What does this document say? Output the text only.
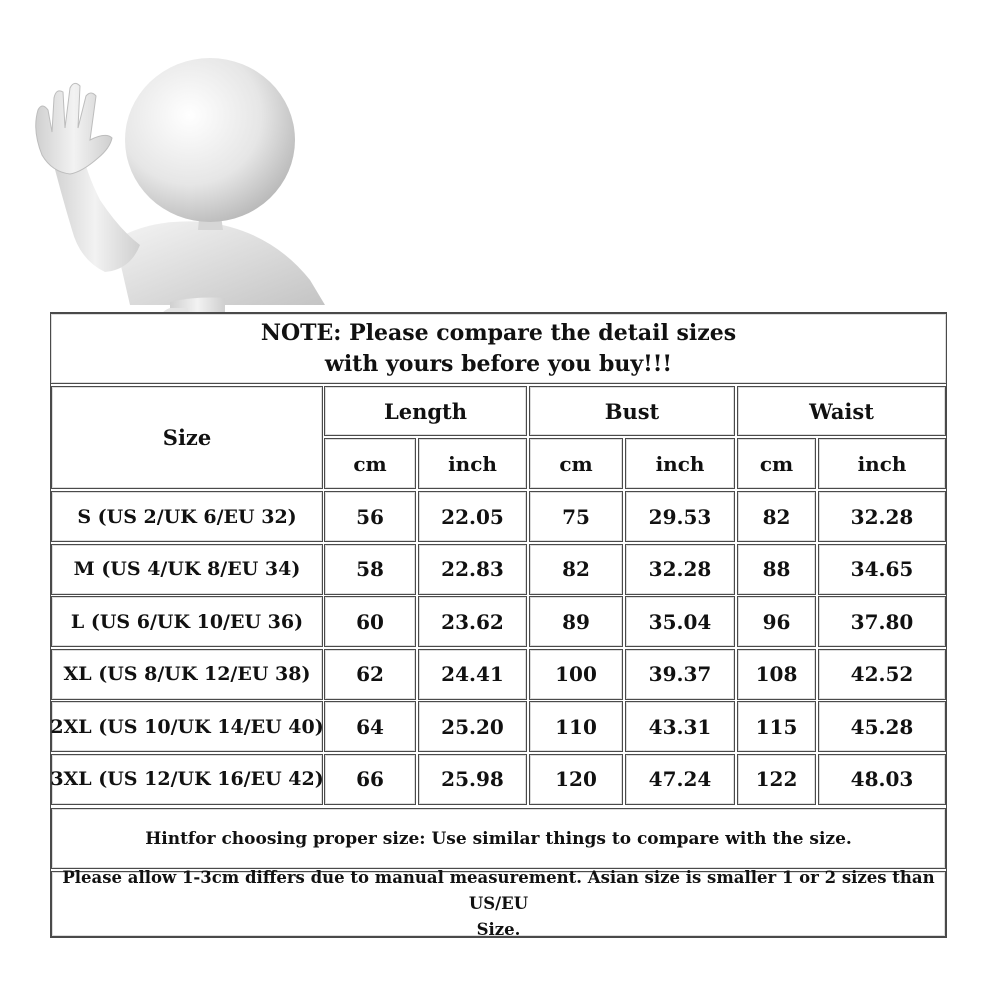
NOTE: Please compare the detail sizes
with yours before you buy!!!
Size
Length	Bust	Waist
cm	inch	cm	inch	cm	inch
S (US 2/UK 6/EU 32)	56	22.05	75	29.53	82	32.28
M (US 4/UK 8/EU 34)	58	22.83	82	32.28	88	34.65
L (US 6/UK 10/EU 36)	60	23.62	89	35.04	96	37.80
XL (US 8/UK 12/EU 38)	62	24.41	100	39.37	108	42.52
2XL (US 10/UK 14/EU 40)	64	25.20	110	43.31	115	45.28
3XL (US 12/UK 16/EU 42)	66	25.98	120	47.24	122	48.03
Hintfor choosing proper size: Use similar things to compare with the size.
Please allow 1-3cm differs due to manual measurement. Asian size is smaller 1 or 2 sizes than US/EU
Size.
